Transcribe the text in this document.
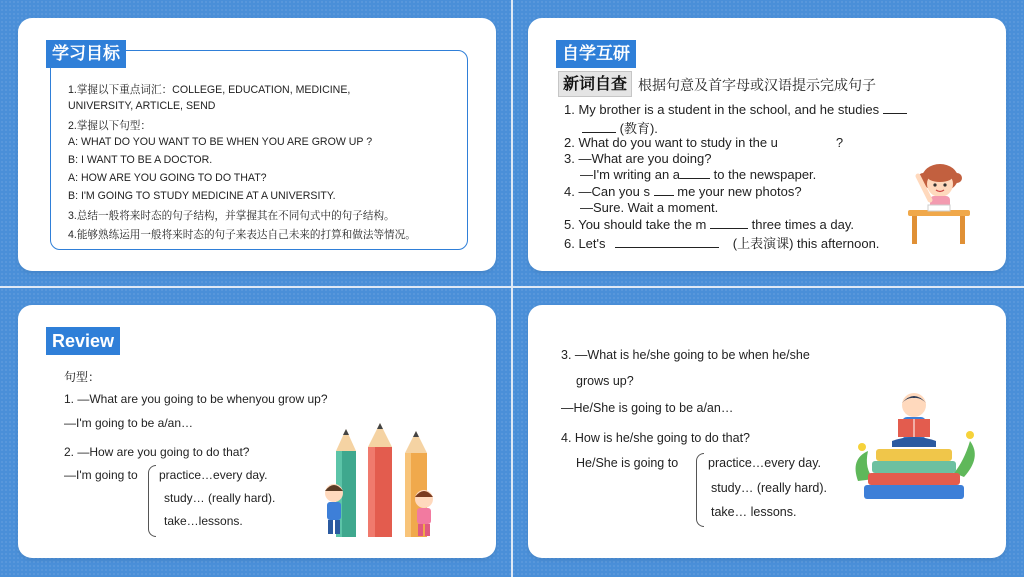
学习目标
1.掌握以下重点词汇：COLLEGE, EDUCATION, MEDICINE,
UNIVERSITY, ARTICLE, SEND
2.掌握以下句型：
A: WHAT DO YOU WANT TO BE WHEN YOU ARE GROW UP ?
B: I WANT TO BE A DOCTOR.
A: HOW ARE YOU GOING TO DO THAT?
B: I'M GOING TO STUDY MEDICINE AT A UNIVERSITY.
3.总结一般将来时态的句子结构，并掌握其在不同句式中的句子结构。
4.能够熟练运用一般将来时态的句子来表达自己未来的打算和做法等情况。
自学互研
新词自查 根据句意及首字母或汉语提示完成句子
1. My brother is a student in the school, and he studies
(教育).
2. What do you want to study in the u	?
3. —What are you doing?
—I'm writing an a	to the newspaper.
4. —Can you s me your new photos?
—Sure. Wait a moment.
5. You should take the m	three times a day.
6. Let's	(上表演课) this afternoon.
Review
句型：
1. —What are you going to be whenyou grow up?
—I'm going to be a/an…
2. —How are you going to do that?
—I'm going to practice…every day.
study… (really hard).
take…lessons.
3. —What is he/she going to be when he/she
grows up?
—He/She is going to be a/an…
4. How is he/she going to do that?
He/She is going to practice…every day.
study… (really hard).
take… lessons.
